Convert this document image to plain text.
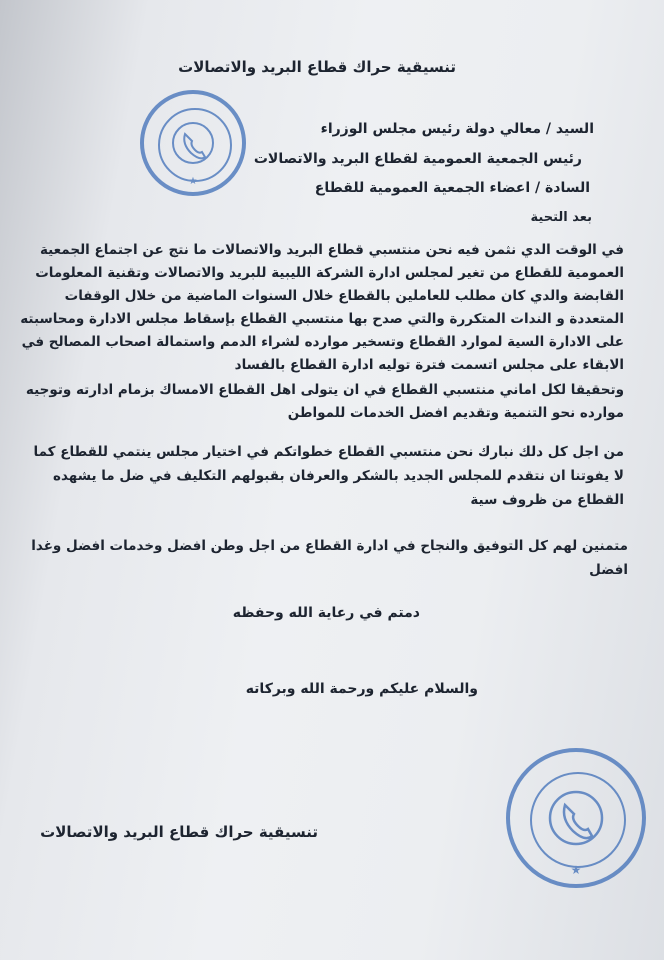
تنسيقية حراك قطاع البريد والاتصالات
★
السيد / معالي دولة رئيس مجلس الوزراء
رئيس الجمعية العمومية لقطاع البريد والاتصالات
السادة / اعضاء الجمعية العمومية للقطاع
بعد التحية
في الوقت الدي نثمن فيه نحن منتسبي قطاع البريد والاتصالات ما نتج عن اجتماع الجمعية
العمومية للقطاع من تغير لمجلس ادارة الشركة الليبية للبريد والاتصالات وتقنية المعلومات
القابضة والدي كان مطلب للعاملين بالقطاع خلال السنوات الماضية من خلال الوقفات
المتعددة و الندات المتكررة والتي صدح بها منتسبي القطاع بإسقاط مجلس الادارة ومحاسبته
على الادارة السية لموارد القطاع وتسخير موارده لشراء الدمم واستمالة اصحاب المصالح في
الابقاء على مجلس اتسمت فترة توليه ادارة القطاع بالفساد
وتحقيقا لكل اماني منتسبي القطاع في ان يتولى اهل القطاع الامساك بزمام ادارته وتوجيه
موارده نحو التنمية وتقديم افضل الخدمات للمواطن
من اجل كل دلك نبارك نحن منتسبي القطاع خطواتكم في اختيار مجلس ينتمي للقطاع كما
لا يفوتنا ان نتقدم للمجلس الجديد بالشكر والعرفان بقبولهم التكليف في ضل ما يشهده
القطاع من ظروف سية
متمنين لهم كل التوفيق والنجاح في ادارة القطاع من اجل وطن افضل وخدمات افضل وغدا
افضل
دمتم في رعاية الله وحفظه
والسلام عليكم ورحمة الله وبركاته
تنسيقية حراك قطاع البريد والاتصالات
★
